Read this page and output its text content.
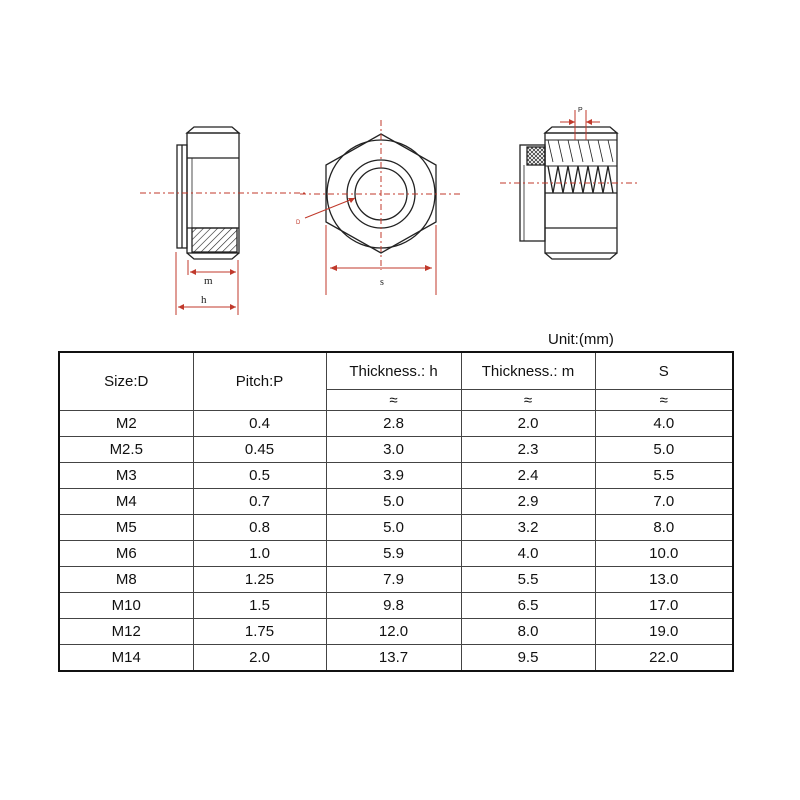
m
h
D
s
P
Unit:(mm)
Size:D	Pitch:P	Thickness.: h	Thickness.: m	S
		≈	≈	≈
M2	0.4	2.8	2.0	4.0
M2.5	0.45	3.0	2.3	5.0
M3	0.5	3.9	2.4	5.5
M4	0.7	5.0	2.9	7.0
M5	0.8	5.0	3.2	8.0
M6	1.0	5.9	4.0	10.0
M8	1.25	7.9	5.5	13.0
M10	1.5	9.8	6.5	17.0
M12	1.75	12.0	8.0	19.0
M14	2.0	13.7	9.5	22.0
